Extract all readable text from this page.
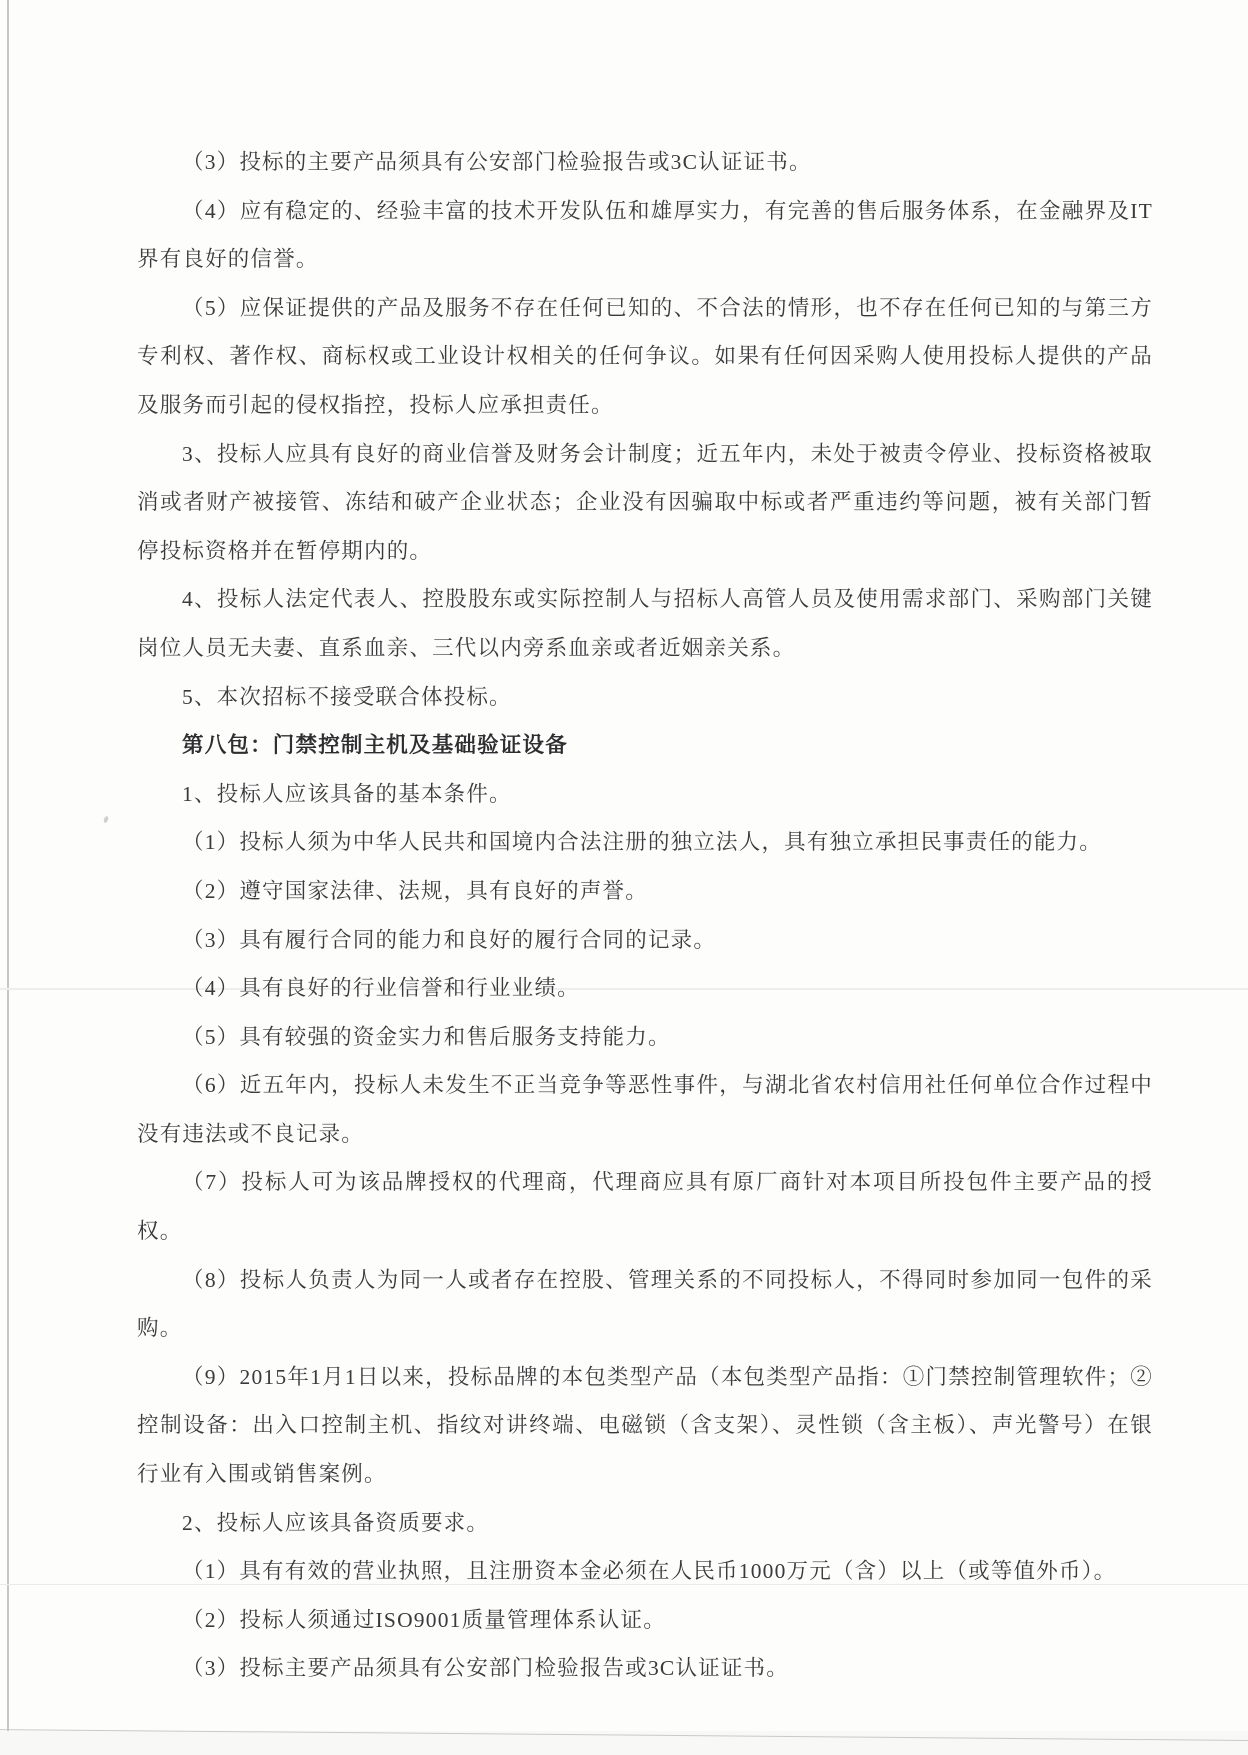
（3）投标的主要产品须具有公安部门检验报告或3C认证证书。

（4）应有稳定的、经验丰富的技术开发队伍和雄厚实力，有完善的售后服务体系，在金融界及IT界有良好的信誉。

（5）应保证提供的产品及服务不存在任何已知的、不合法的情形，也不存在任何已知的与第三方专利权、著作权、商标权或工业设计权相关的任何争议。如果有任何因采购人使用投标人提供的产品及服务而引起的侵权指控，投标人应承担责任。

3、投标人应具有良好的商业信誉及财务会计制度；近五年内，未处于被责令停业、投标资格被取消或者财产被接管、冻结和破产企业状态；企业没有因骗取中标或者严重违约等问题，被有关部门暂停投标资格并在暂停期内的。

4、投标人法定代表人、控股股东或实际控制人与招标人高管人员及使用需求部门、采购部门关键岗位人员无夫妻、直系血亲、三代以内旁系血亲或者近姻亲关系。

5、本次招标不接受联合体投标。

第八包：门禁控制主机及基础验证设备

1、投标人应该具备的基本条件。

（1）投标人须为中华人民共和国境内合法注册的独立法人，具有独立承担民事责任的能力。

（2）遵守国家法律、法规，具有良好的声誉。

（3）具有履行合同的能力和良好的履行合同的记录。

（4）具有良好的行业信誉和行业业绩。

（5）具有较强的资金实力和售后服务支持能力。

（6）近五年内，投标人未发生不正当竞争等恶性事件，与湖北省农村信用社任何单位合作过程中没有违法或不良记录。

（7）投标人可为该品牌授权的代理商，代理商应具有原厂商针对本项目所投包件主要产品的授权。

（8）投标人负责人为同一人或者存在控股、管理关系的不同投标人，不得同时参加同一包件的采购。

（9）2015年1月1日以来，投标品牌的本包类型产品（本包类型产品指：①门禁控制管理软件；②控制设备：出入口控制主机、指纹对讲终端、电磁锁（含支架）、灵性锁（含主板）、声光警号）在银行业有入围或销售案例。

2、投标人应该具备资质要求。

（1）具有有效的营业执照，且注册资本金必须在人民币1000万元（含）以上（或等值外币）。

（2）投标人须通过ISO9001质量管理体系认证。

（3）投标主要产品须具有公安部门检验报告或3C认证证书。
